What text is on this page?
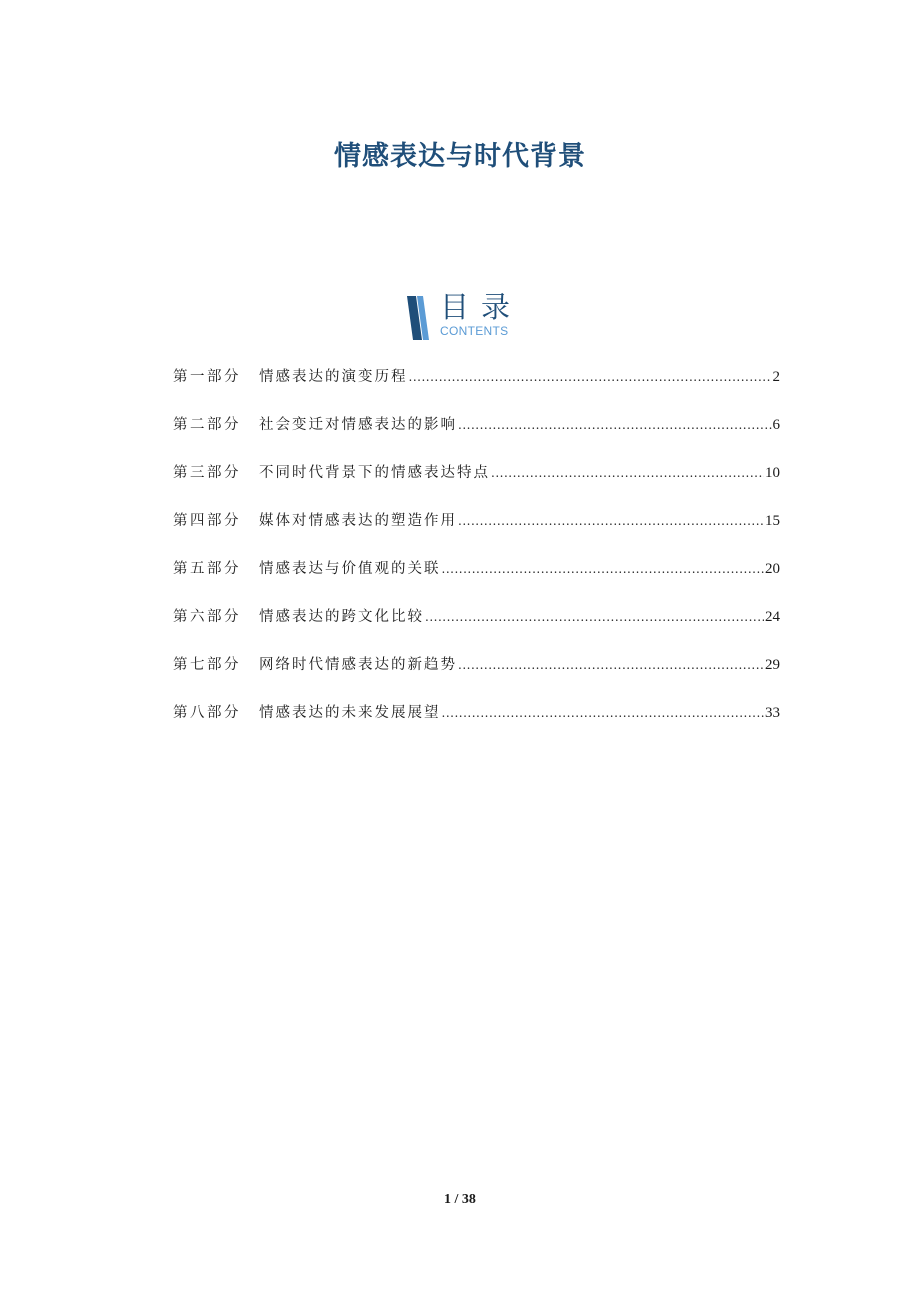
情感表达与时代背景
目录
CONTENTS
第一部分 情感表达的演变历程 .....	2
第二部分 社会变迁对情感表达的影响 .....	6
第三部分 不同时代背景下的情感表达特点 .....	10
第四部分 媒体对情感表达的塑造作用 .....	15
第五部分 情感表达与价值观的关联 .....	20
第六部分 情感表达的跨文化比较 .....	24
第七部分 网络时代情感表达的新趋势 .....	29
第八部分 情感表达的未来发展展望 .....	33
1 / 38
